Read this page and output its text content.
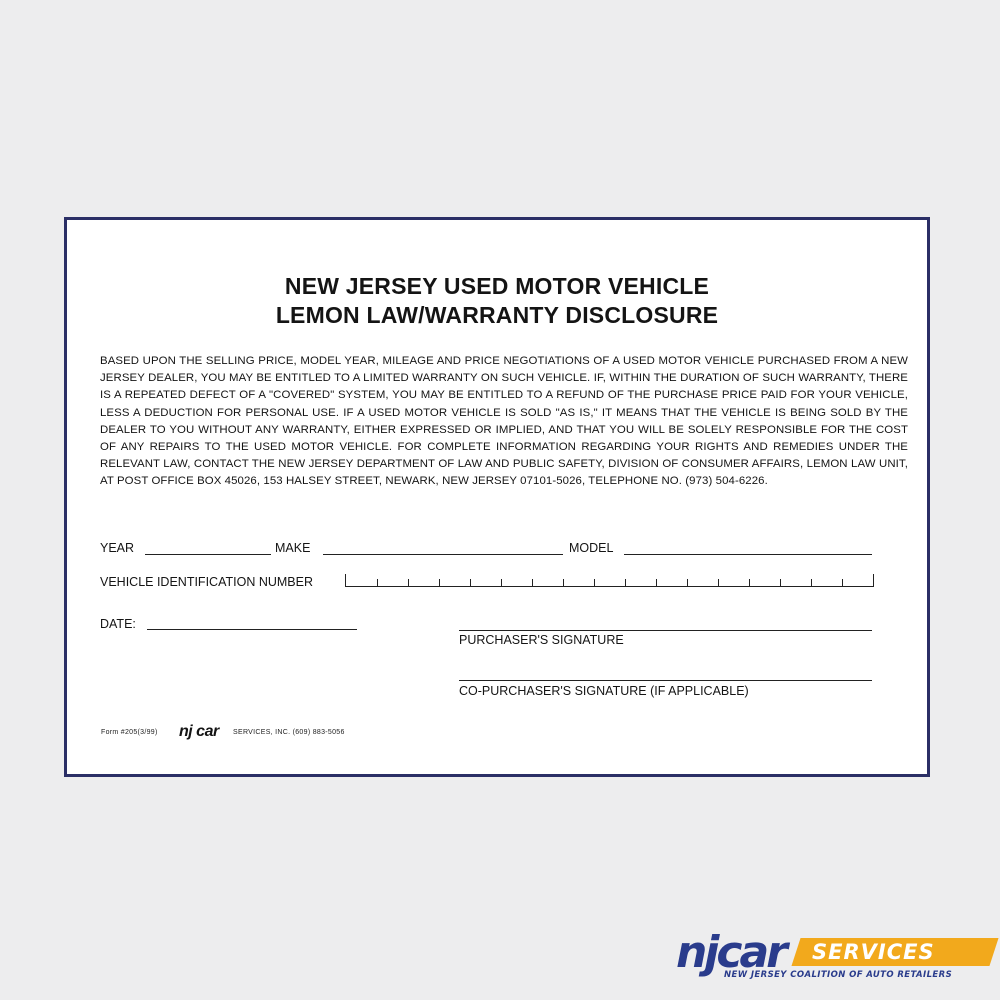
NEW JERSEY USED MOTOR VEHICLE
LEMON LAW/WARRANTY DISCLOSURE
BASED UPON THE SELLING PRICE, MODEL YEAR, MILEAGE AND PRICE NEGOTIATIONS OF A USED MOTOR VEHICLE PURCHASED FROM A NEW JERSEY DEALER, YOU MAY BE ENTITLED TO A LIMITED WARRANTY ON SUCH VEHICLE. IF, WITHIN THE DURATION OF SUCH WARRANTY, THERE IS A REPEATED DEFECT OF A "COVERED" SYSTEM, YOU MAY BE ENTITLED TO A REFUND OF THE PURCHASE PRICE PAID FOR YOUR VEHICLE, LESS A DEDUCTION FOR PERSONAL USE. IF A USED MOTOR VEHICLE IS SOLD "AS IS," IT MEANS THAT THE VEHICLE IS BEING SOLD BY THE DEALER TO YOU WITHOUT ANY WARRANTY, EITHER EXPRESSED OR IMPLIED, AND THAT YOU WILL BE SOLELY RESPONSIBLE FOR THE COST OF ANY REPAIRS TO THE USED MOTOR VEHICLE. FOR COMPLETE INFORMATION REGARDING YOUR RIGHTS AND REMEDIES UNDER THE RELEVANT LAW, CONTACT THE NEW JERSEY DEPARTMENT OF LAW AND PUBLIC SAFETY, DIVISION OF CONSUMER AFFAIRS, LEMON LAW UNIT, AT POST OFFICE BOX 45026, 153 HALSEY STREET, NEWARK, NEW JERSEY 07101-5026, TELEPHONE NO. (973) 504-6226.
YEAR	MAKE	MODEL
VEHICLE IDENTIFICATION NUMBER
DATE:
PURCHASER'S SIGNATURE
CO-PURCHASER'S SIGNATURE (IF APPLICABLE)
Form #205(3/99) nj car SERVICES, INC. (609) 883-5056
njcar SERVICES
NEW JERSEY COALITION OF AUTO RETAILERS
